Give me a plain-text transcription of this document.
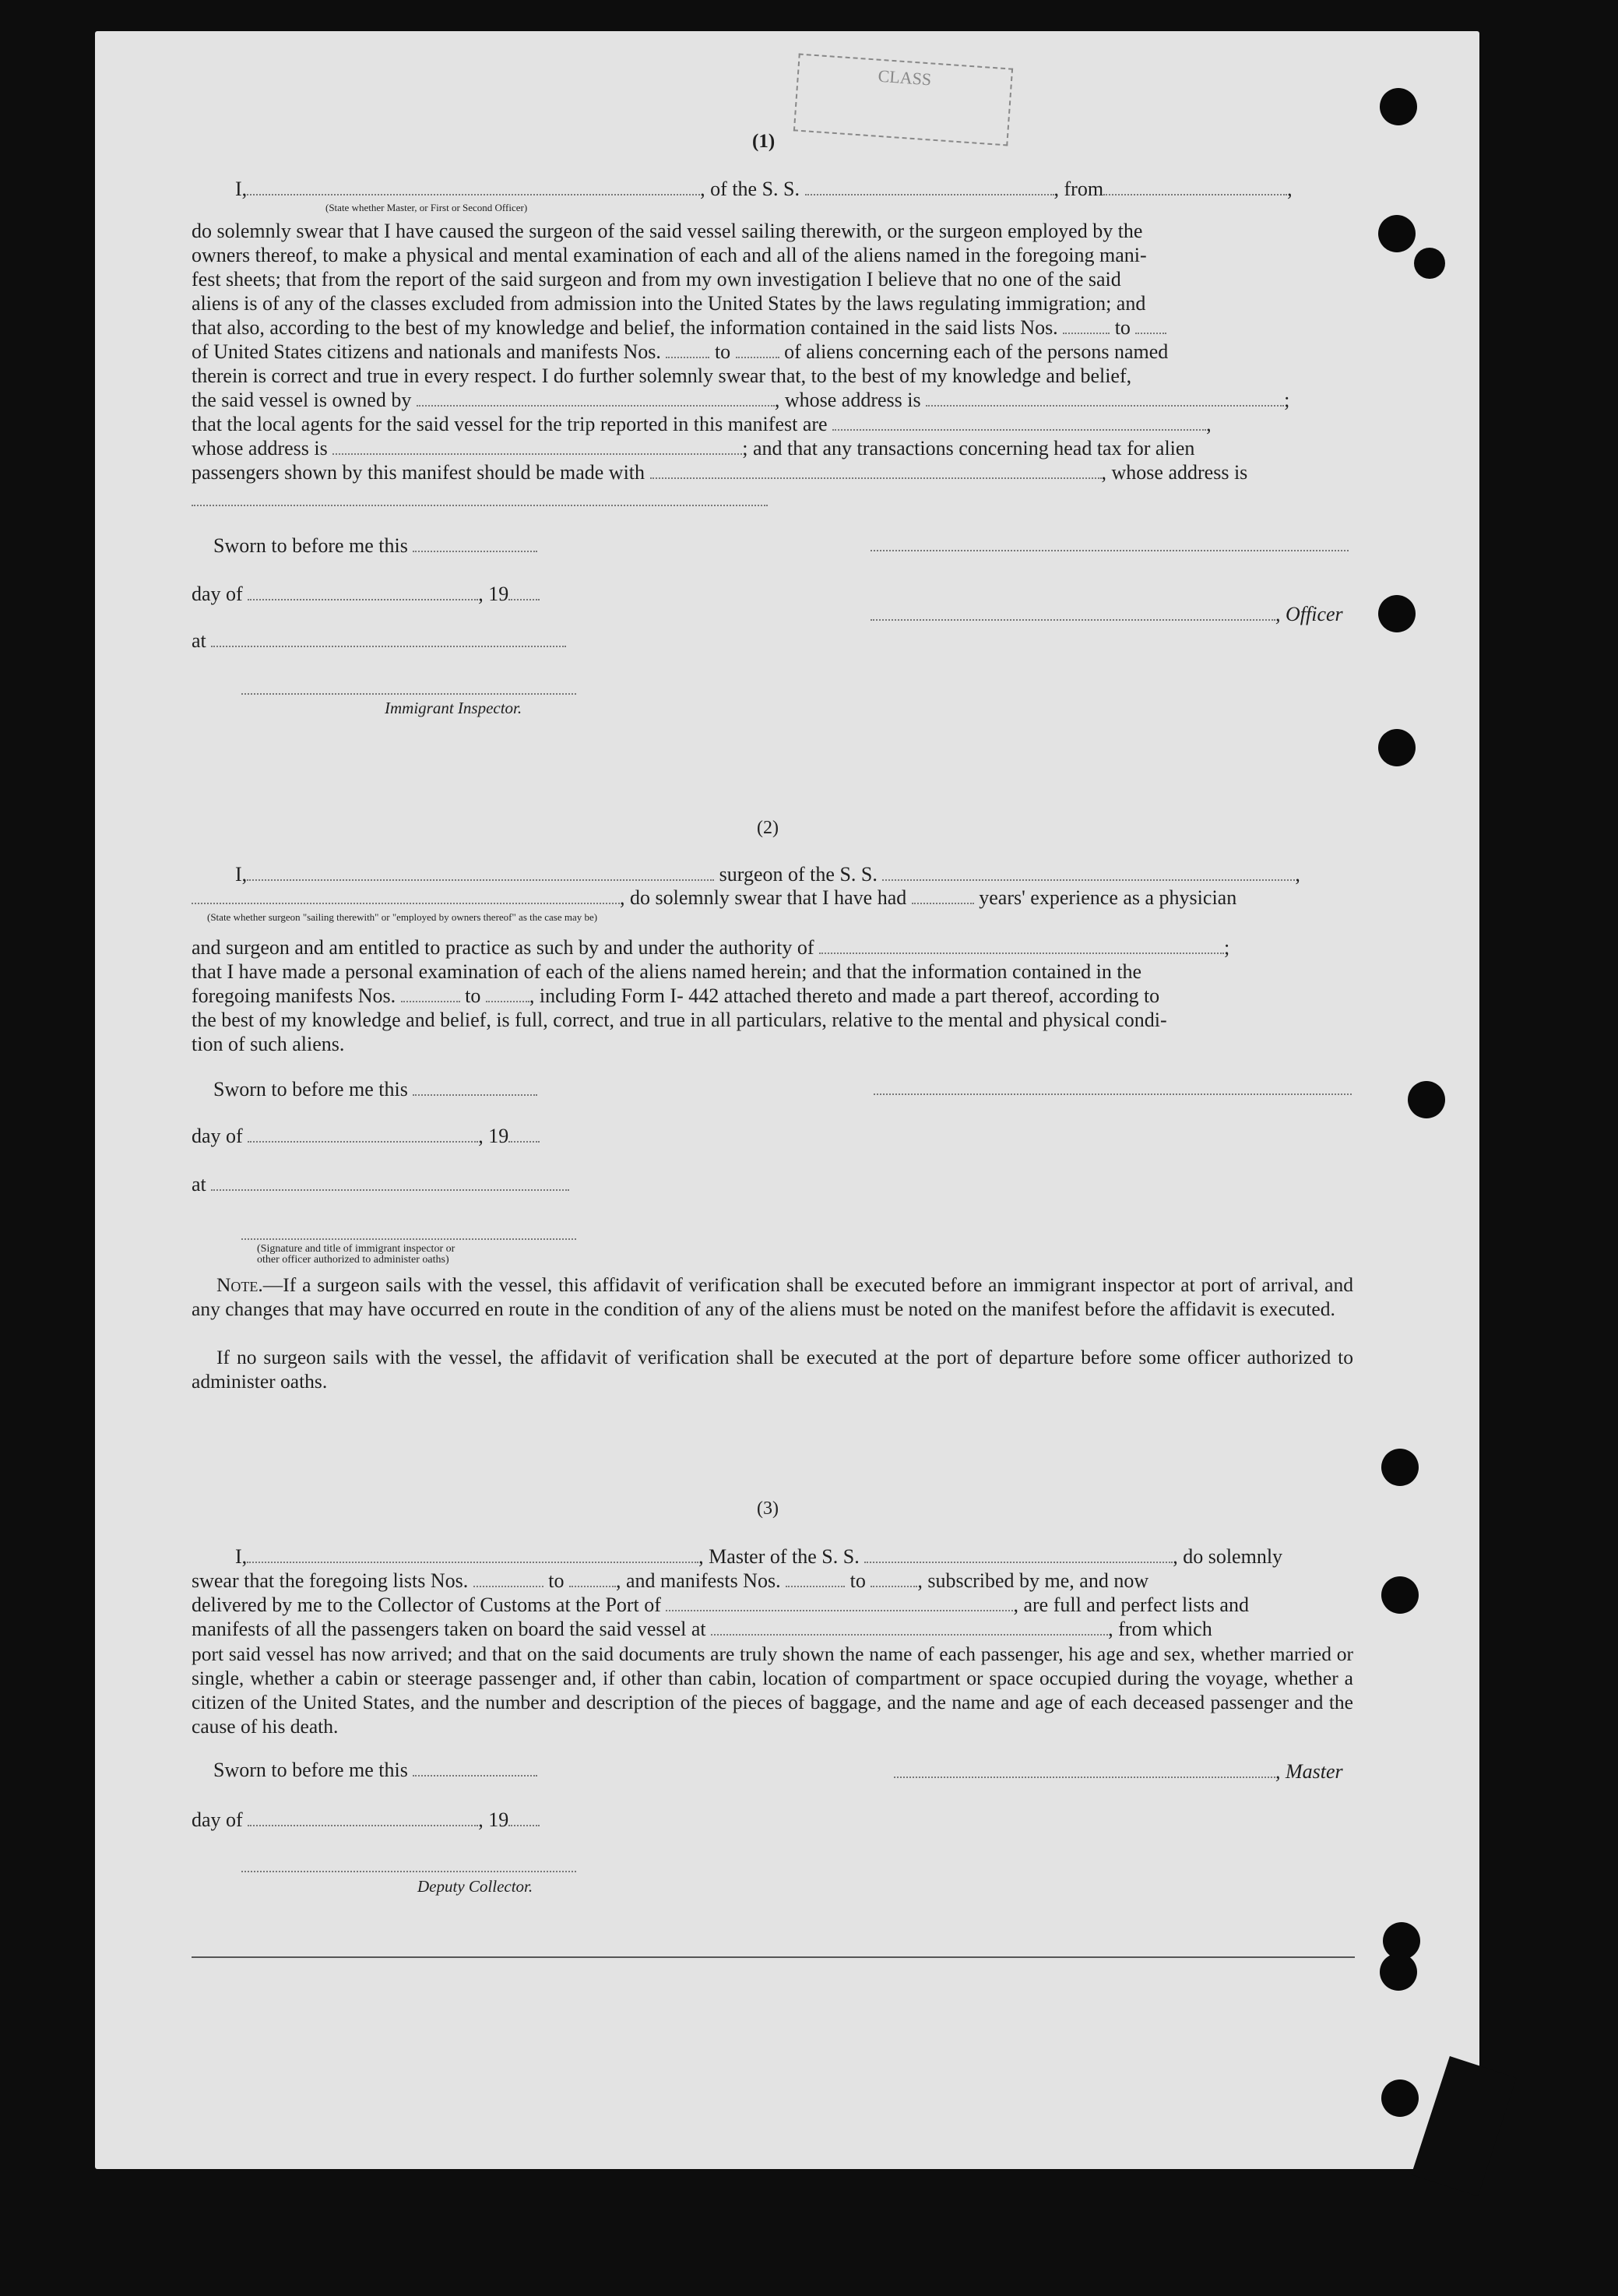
CLASS
(1)
I,	, of the S. S.	, from	,
(State whether Master, or First or Second Officer)
do solemnly swear that I have caused the surgeon of the said vessel sailing therewith, or the surgeon employed by the
owners thereof, to make a physical and mental examination of each and all of the aliens named in the foregoing mani-
fest sheets; that from the report of the said surgeon and from my own investigation I believe that no one of the said
aliens is of any of the classes excluded from admission into the United States by the laws regulating immigration; and
that also, according to the best of my knowledge and belief, the information contained in the said lists Nos.	to
of United States citizens and nationals and manifests Nos.	to	of aliens concerning each of the persons named
therein is correct and true in every respect. I do further solemnly swear that, to the best of my knowledge and belief,
the said vessel is owned by	, whose address is	;
that the local agents for the said vessel for the trip reported in this manifest are	,
whose address is	; and that any transactions concerning head tax for alien
passengers shown by this manifest should be made with	, whose address is
Sworn to before me this
day of	, 19
, Officer
at
Immigrant Inspector.
(2)
I,	surgeon of the S. S.	,
, do solemnly swear that I have had	years' experience as a physician
(State whether surgeon "sailing therewith" or "employed by owners thereof" as the case may be)
and surgeon and am entitled to practice as such by and under the authority of	;
that I have made a personal examination of each of the aliens named herein; and that the information contained in the
foregoing manifests Nos.	to , including Form I- 442 attached thereto and made a part thereof, according to
the best of my knowledge and belief, is full, correct, and true in all particulars, relative to the mental and physical condi-
tion of such aliens.
Sworn to before me this
day of	, 19
at
(Signature and title of immigrant inspector or
other officer authorized to administer oaths)
Note.—If a surgeon sails with the vessel, this affidavit of verification shall be executed before an immigrant inspector at port of arrival, and any changes that may have occurred en route in the condition of any of the aliens must be noted on the manifest before the affidavit is executed.
If no surgeon sails with the vessel, the affidavit of verification shall be executed at the port of departure before some officer authorized to administer oaths.
(3)
I,	, Master of the S. S.	, do solemnly
swear that the foregoing lists Nos.	to	, and manifests Nos.	to	, subscribed by me, and now
delivered by me to the Collector of Customs at the Port of	, are full and perfect lists and
manifests of all the passengers taken on board the said vessel at	, from which
port said vessel has now arrived; and that on the said documents are truly shown the name of each passenger, his age and sex, whether married or single, whether a cabin or steerage passenger and, if other than cabin, location of compartment or space occupied during the voyage, whether a citizen of the United States, and the number and description of the pieces of baggage, and the name and age of each deceased passenger and the cause of his death.
Sworn to before me this	, Master
day of	, 19
Deputy Collector.
